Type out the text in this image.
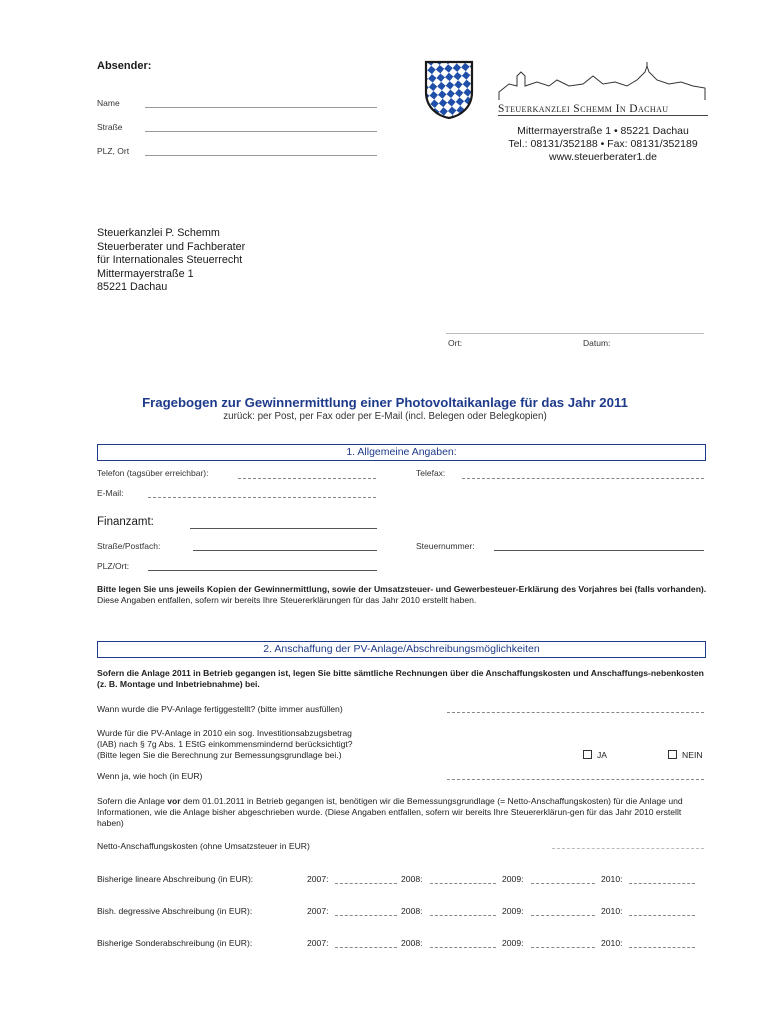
Absender:
Name
Straße
PLZ, Ort
Steuerkanzlei Schemm In Dachau
Mittermayerstraße 1 • 85221 Dachau
Tel.: 08131/352188 • Fax: 08131/352189
www.steuerberater1.de
Steuerkanzlei P. Schemm
Steuerberater und Fachberater
für Internationales Steuerrecht
Mittermayerstraße 1
85221 Dachau
Ort:	Datum:
Fragebogen zur Gewinnermittlung einer Photovoltaikanlage für das Jahr 2011
zurück: per Post, per Fax oder per E-Mail (incl. Belegen oder Belegkopien)
1. Allgemeine Angaben:
Telefon (tagsüber erreichbar):	Telefax:
E-Mail:
Finanzamt:
Straße/Postfach:	Steuernummer:
PLZ/Ort:
Bitte legen Sie uns jeweils Kopien der Gewinnermittlung, sowie der Umsatzsteuer- und Gewerbesteuer-Erklärung des Vorjahres bei (falls vorhanden). Diese Angaben entfallen, sofern wir bereits Ihre Steuererklärungen für das Jahr 2010 erstellt haben.
2. Anschaffung der PV-Anlage/Abschreibungsmöglichkeiten
Sofern die Anlage 2011 in Betrieb gegangen ist, legen Sie bitte sämtliche Rechnungen über die Anschaffungskosten und Anschaffungs-nebenkosten (z. B. Montage und Inbetriebnahme) bei.
Wann wurde die PV-Anlage fertiggestellt? (bitte immer ausfüllen)
Wurde für die PV-Anlage in 2010 ein sog. Investitionsabzugsbetrag
(IAB) nach § 7g Abs. 1 EStG einkommensmindernd berücksichtigt?
(Bitte legen Sie die Berechnung zur Bemessungsgrundlage bei.)	JA	NEIN
Wenn ja, wie hoch (in EUR)
Sofern die Anlage vor dem 01.01.2011 in Betrieb gegangen ist, benötigen wir die Bemessungsgrundlage (= Netto-Anschaffungskosten) für die Anlage und Informationen, wie die Anlage bisher abgeschrieben wurde. (Diese Angaben entfallen, sofern wir bereits Ihre Steuererklärun-gen für das Jahr 2010 erstellt haben)
Netto-Anschaffungskosten (ohne Umsatzsteuer in EUR)
Bisherige lineare Abschreibung (in EUR):	2007:	2008:	2009:	2010:
Bish. degressive Abschreibung (in EUR):	2007:	2008:	2009:	2010:
Bisherige Sonderabschreibung (in EUR):	2007:	2008:	2009:	2010:
